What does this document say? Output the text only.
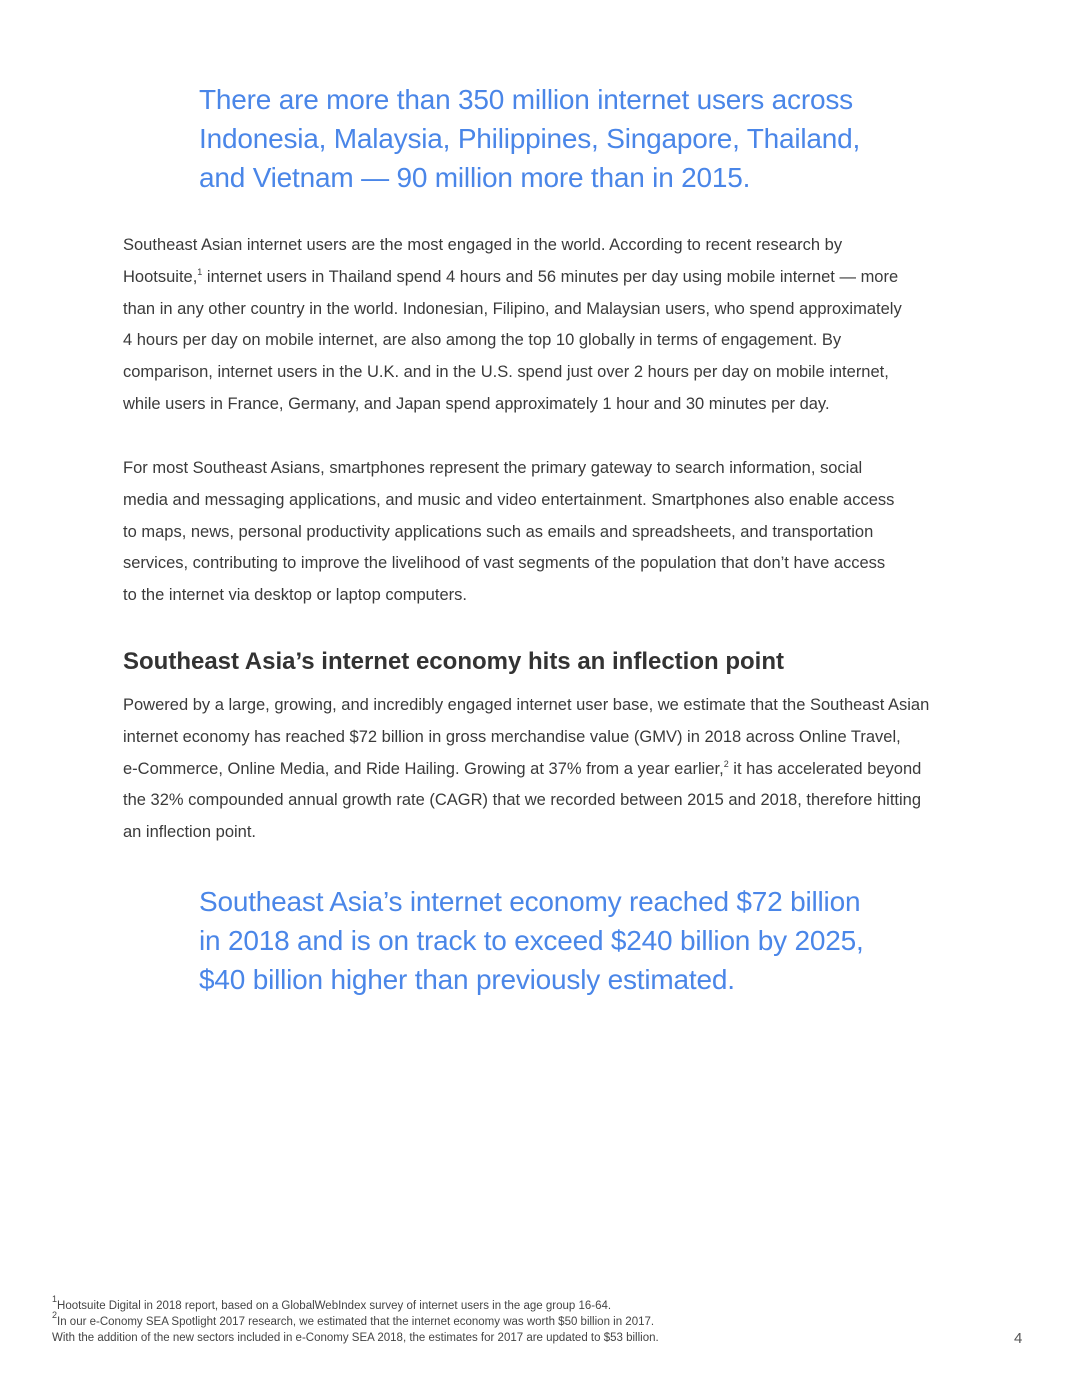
There are more than 350 million internet users across
Indonesia, Malaysia, Philippines, Singapore, Thailand,
and Vietnam — 90 million more than in 2015.
Southeast Asian internet users are the most engaged in the world. According to recent research by
Hootsuite,$^1$ internet users in Thailand spend 4 hours and 56 minutes per day using mobile internet — more
than in any other country in the world. Indonesian, Filipino, and Malaysian users, who spend approximately
4 hours per day on mobile internet, are also among the top 10 globally in terms of engagement. By
comparison, internet users in the U.K. and in the U.S. spend just over 2 hours per day on mobile internet,
while users in France, Germany, and Japan spend approximately 1 hour and 30 minutes per day.
For most Southeast Asians, smartphones represent the primary gateway to search information, social
media and messaging applications, and music and video entertainment. Smartphones also enable access
to maps, news, personal productivity applications such as emails and spreadsheets, and transportation
services, contributing to improve the livelihood of vast segments of the population that don’t have access
to the internet via desktop or laptop computers.
Southeast Asia’s internet economy hits an inflection point
Powered by a large, growing, and incredibly engaged internet user base, we estimate that the Southeast Asian
internet economy has reached $72 billion in gross merchandise value (GMV) in 2018 across Online Travel,
e-Commerce, Online Media, and Ride Hailing. Growing at 37% from a year earlier,$^2$ it has accelerated beyond
the 32% compounded annual growth rate (CAGR) that we recorded between 2015 and 2018, therefore hitting
an inflection point.
Southeast Asia’s internet economy reached $72 billion
in 2018 and is on track to exceed $240 billion by 2025,
$40 billion higher than previously estimated.
$^1$Hootsuite Digital in 2018 report, based on a GlobalWebIndex survey of internet users in the age group 16-64.
$^2$In our e-Conomy SEA Spotlight 2017 research, we estimated that the internet economy was worth $50 billion in 2017.
With the addition of the new sectors included in e-Conomy SEA 2018, the estimates for 2017 are updated to $53 billion.	4
